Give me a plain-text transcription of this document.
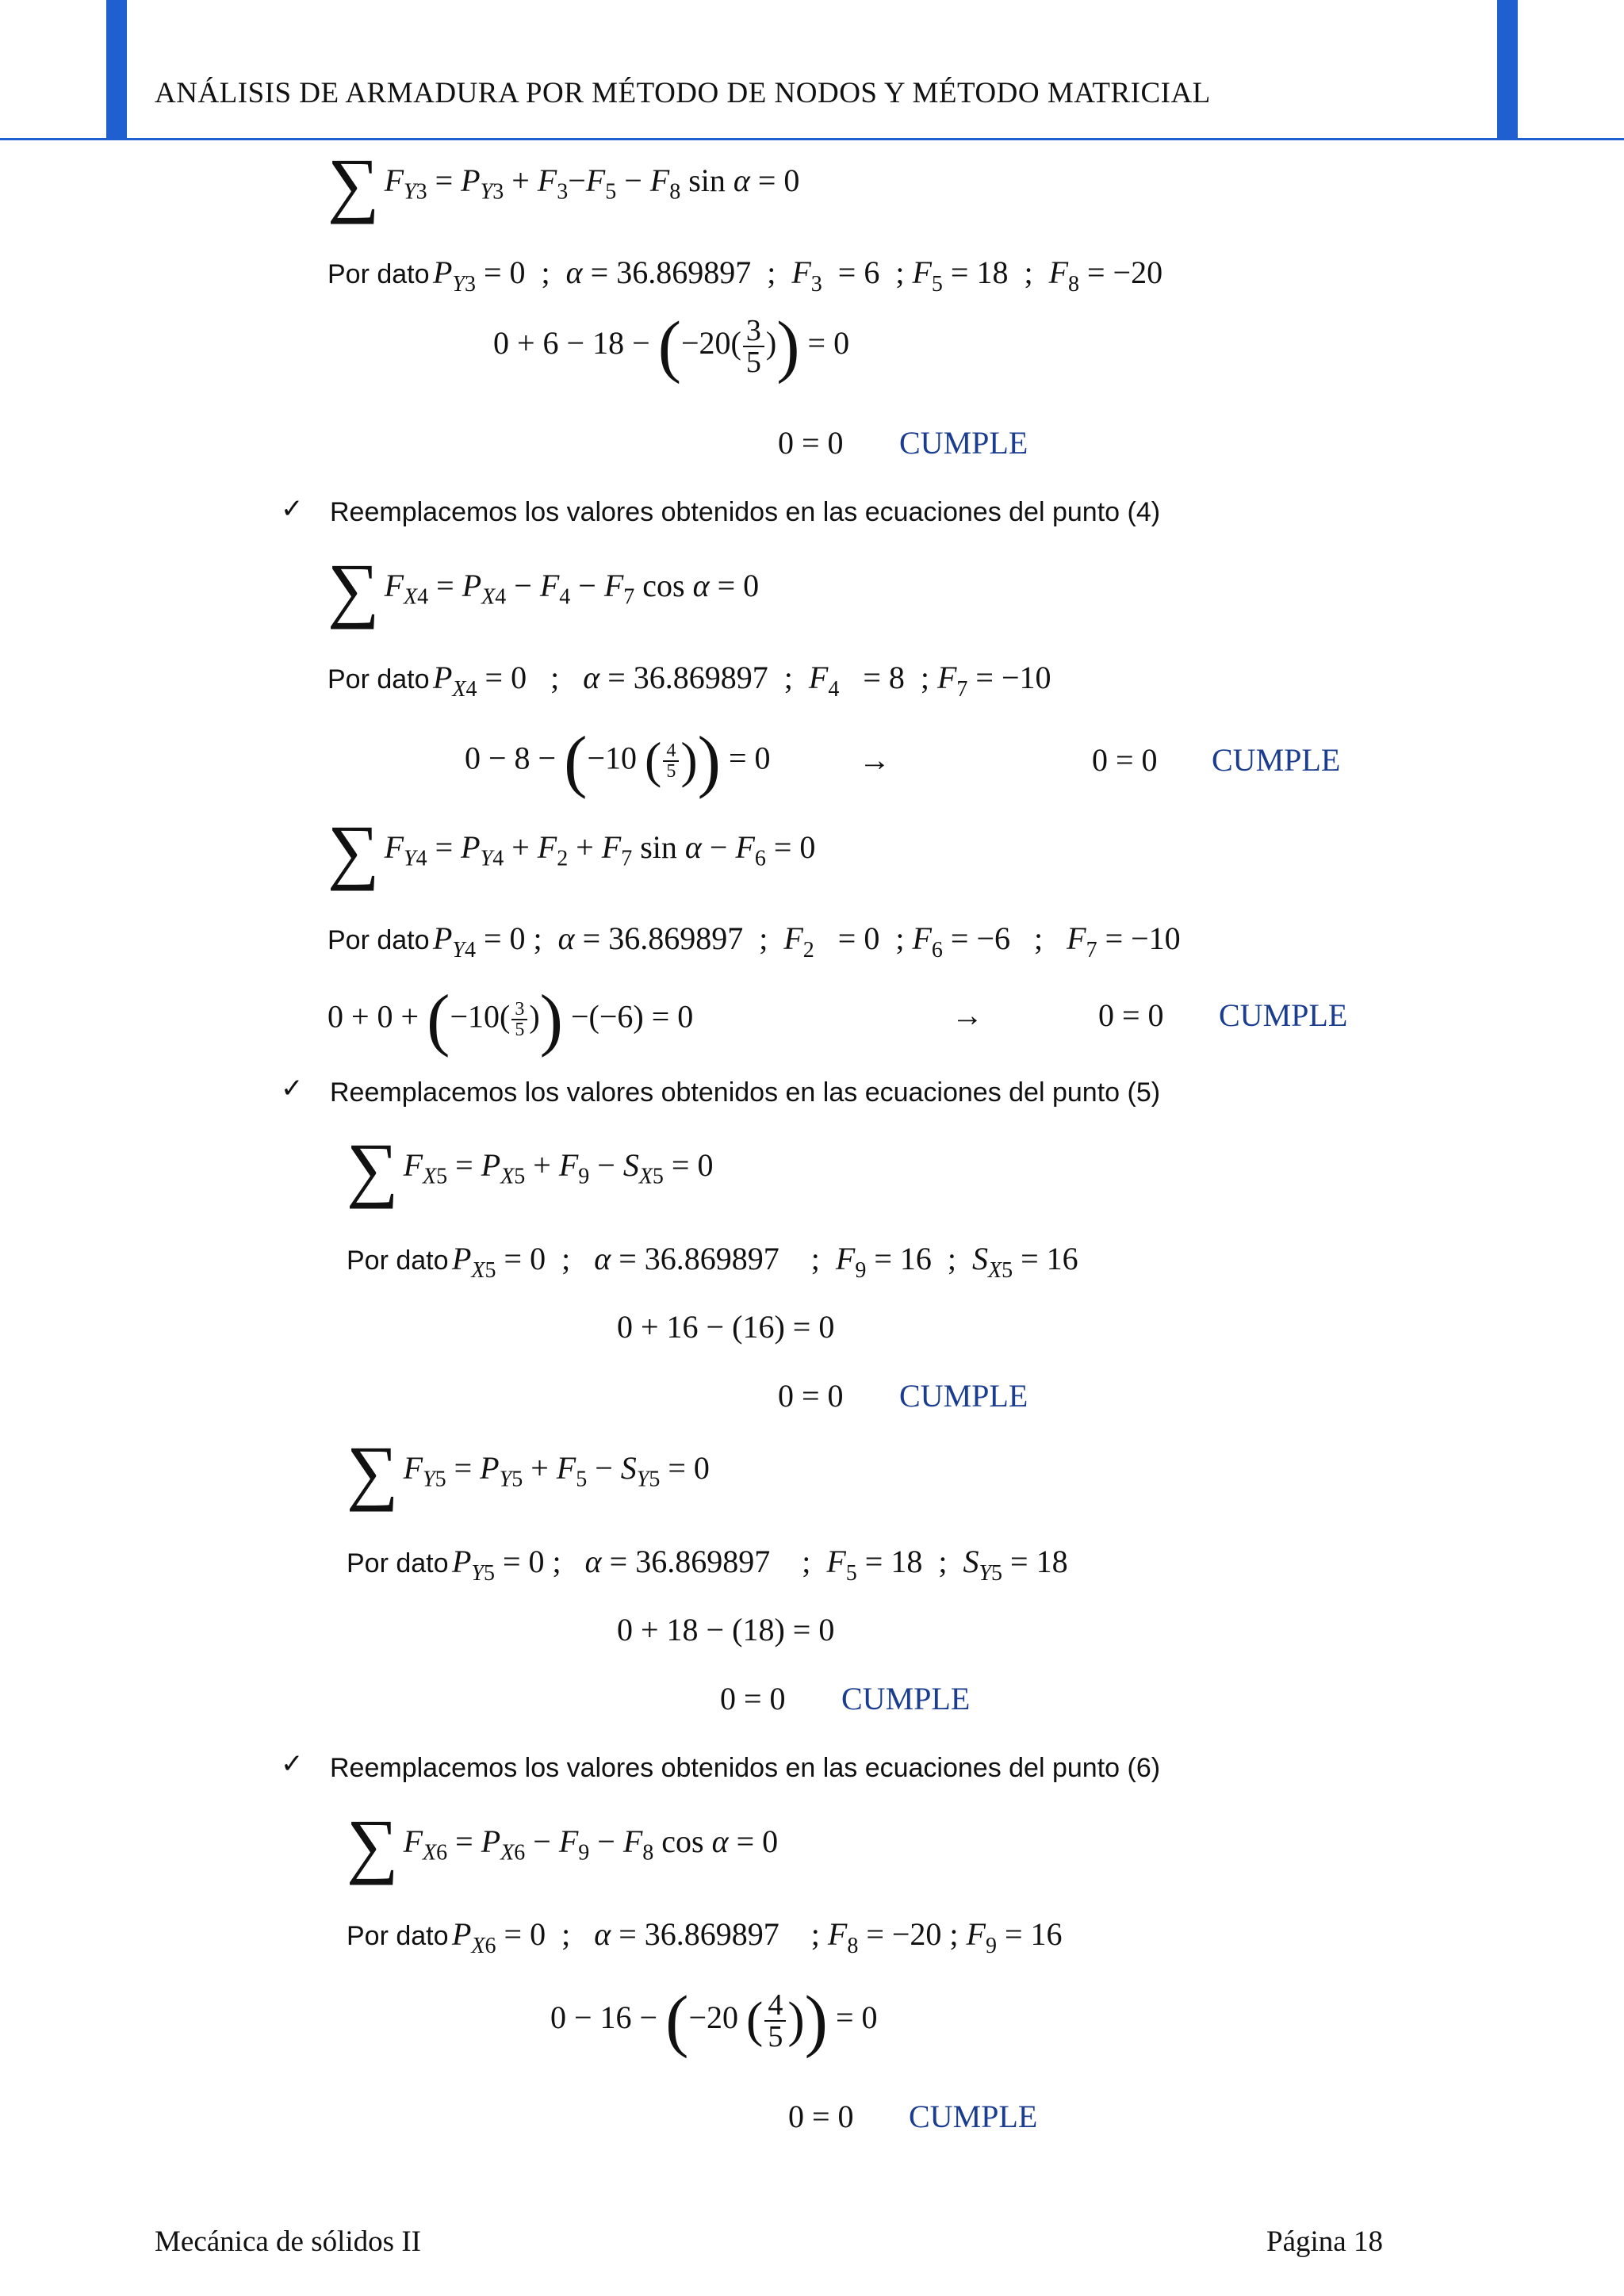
ANÁLISIS DE ARMADURA POR MÉTODO DE NODOS Y MÉTODO MATRICIAL
∑ $F_{Y3} = P_{Y3} + F_3-F_5 - F_8$ sin α = 0
Por dato $P_{Y3} = 0$  ;  α = 36.869897  ;  $F_3 = 6$  ; $F_5 = 18$  ;  $F_8 = -20$
$0 + 6 - 18 - (-20( \frac{3}{5}$ )) = 0
0 = 0 CUMPLE
✓ Reemplacemos los valores obtenidos en las ecuaciones del punto (4)
∑ $F_{X4} = P_{X4} - F_4 - F_7$ cos α = 0
Por dato $P_{X4} = 0$   ;   α = 36.869897  ;  $F_4 = 8$  ; $F_7 = -10$
0 − 8 − (−10 ( $\frac{4}{5}$ )) = 0	→	0 = 0 CUMPLE
∑ $F_{Y4} = P_{Y4} + F_2 + F_7$ $\sin \alpha - F_6 = 0$
Por dato $P_{Y4} = 0$ ;  α = 36.869897  ;  $F_2 = 0$  ; $F_6 = -6$   ;   $F_7 = -10$
$0 + 0 + (-10( \frac{3}{5}$ )) −(−6) = 0	→	0 = 0 CUMPLE
✓ Reemplacemos los valores obtenidos en las ecuaciones del punto (5)
∑ $F_{X5} = P_{X5} + F_9 - S_{X5} = 0$
Por dato $P_{X5} = 0$  ;   α = 36.869897    ;  $F_9 = 16$  ;  $S_{X5} = 16$
0 + 16 − (16) = 0
0 = 0 CUMPLE
∑ $F_{Y5} = P_{Y5} + F_5 - S_{Y5} = 0$
Por dato $P_{Y5} = 0$ ;   α = 36.869897    ;  $F_5 = 18$  ;  $S_{Y5} = 18$
0 + 18 − (18) = 0
0 = 0 CUMPLE
✓ Reemplacemos los valores obtenidos en las ecuaciones del punto (6)
∑ $F_{X6} = P_{X6} - F_9 - F_8$ cos α = 0
Por dato $P_{X6} = 0$  ;   α = 36.869897    ; $F_8 = -20$ ; $F_9 = 16$
0 − 16 − (−20 ( $\frac{4}{5}$ )) = 0
0 = 0 CUMPLE
Mecánica de sólidos II	Página 18
